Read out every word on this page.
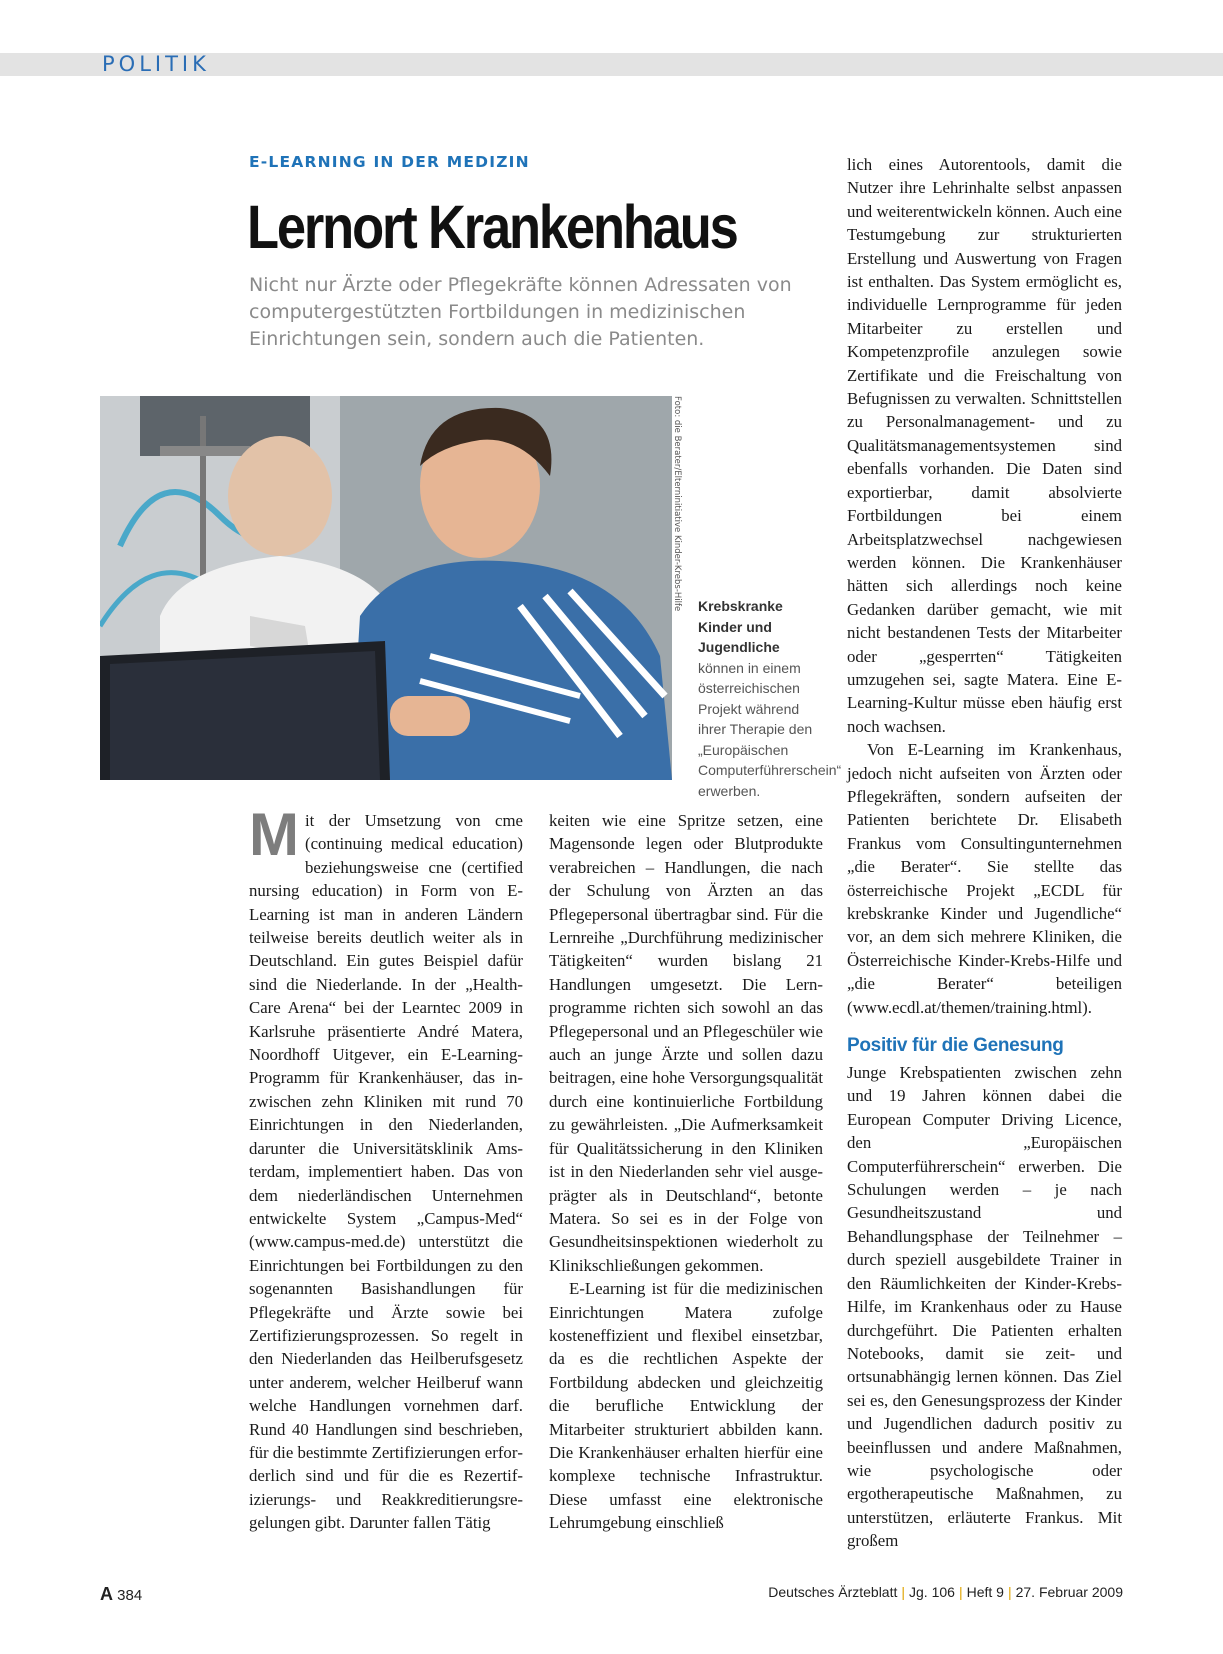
POLITIK
E-LEARNING IN DER MEDIZIN
Lernort Krankenhaus

Nicht nur Ärzte oder Pflegekräfte können Adressaten von computergestützten Fortbildungen in medizinischen Einrichtungen sein, sondern auch die Patienten.

Foto: die Berater/Elterninitiative Kinder-Krebs-Hilfe Krebskranke Kinder und Jugendliche können in einem österreichischen Projekt während ihrer Therapie den „Europäischen Computerführerschein“ erwerben.

Mit der Umsetzung von cme (continuing medical education) beziehungsweise cne (certified nursing education) in Form von E-Learning ist man in anderen Ländern teilweise bereits deutlich weiter als in Deutschland. Ein gutes Beispiel dafür sind die Niederlande. In der „Health-Care Arena“ bei der Learntec 2009 in Karlsruhe präsentierte André Matera, Noordhoff Uitgever, ein E-Learning-Programm für Krankenhäuser, das inzwischen zehn Kliniken mit rund 70 Einrichtungen in den Niederlanden, darunter die Universitätsklinik Amsterdam, implementiert haben. Das von dem niederländischen Unternehmen entwickelte System „Campus-Med“ (www.campus-med.de) unterstützt die Einrichtungen bei Fortbildungen zu den sogenannten Basishandlungen für Pflegekräfte und Ärzte sowie bei Zertifizierungsprozessen. So regelt in den Niederlanden das Heilberufsgesetz unter anderem, welcher Heilberuf wann welche Handlungen vornehmen darf. Rund 40 Handlungen sind beschrieben, für die bestimmte Zertifizierungen erforderlich sind und für die es Rezertifizierungs- und Reakkreditierungsregelungen gibt. Darunter fallen Tätig

keiten wie eine Spritze setzen, eine Magensonde legen oder Blutprodukte verabreichen – Handlungen, die nach der Schulung von Ärzten an das Pflegepersonal übertragbar sind. Für die Lernreihe „Durchführung medizinischer Tätigkeiten“ wurden bislang 21 Handlungen umgesetzt. Die Lernprogramme richten sich sowohl an das Pflegepersonal und an Pflegeschüler wie auch an junge Ärzte und sollen dazu beitragen, eine hohe Versorgungsqualität durch eine kontinuierliche Fortbildung zu gewährleisten. „Die Aufmerksamkeit für Qualitätssicherung in den Kliniken ist in den Niederlanden sehr viel ausgeprägter als in Deutschland“, betonte Matera. So sei es in der Folge von Gesundheitsinspektionen wiederholt zu Klinikschließungen gekommen.

E-Learning ist für die medizinischen Einrichtungen Matera zufolge kosteneffizient und flexibel einsetzbar, da es die rechtlichen Aspekte der Fortbildung abdecken und gleichzeitig die berufliche Entwicklung der Mitarbeiter strukturiert abbilden kann. Die Krankenhäuser erhalten hierfür eine komplexe technische Infrastruktur. Diese umfasst eine elektronische Lehrumgebung einschließ

lich eines Autorentools, damit die Nutzer ihre Lehrinhalte selbst anpassen und weiterentwickeln können. Auch eine Testumgebung zur strukturierten Erstellung und Auswertung von Fragen ist enthalten. Das System ermöglicht es, individuelle Lernprogramme für jeden Mitarbeiter zu erstellen und Kompetenzprofile anzulegen sowie Zertifikate und die Freischaltung von Befugnissen zu verwalten. Schnittstellen zu Personalmanagement- und zu Qualitätsmanagementsystemen sind ebenfalls vorhanden. Die Daten sind exportierbar, damit absolvierte Fortbildungen bei einem Arbeitsplatzwechsel nachgewiesen werden können. Die Krankenhäuser hätten sich allerdings noch keine Gedanken darüber gemacht, wie mit nicht bestandenen Tests der Mitarbeiter oder „gesperrten“ Tätigkeiten umzugehen sei, sagte Matera. Eine E-Learning-Kultur müsse eben häufig erst noch wachsen.

Von E-Learning im Krankenhaus, jedoch nicht aufseiten von Ärzten oder Pflegekräften, sondern aufseiten der Patienten berichtete Dr. Elisabeth Frankus vom Consultingunternehmen „die Berater“. Sie stellte das österreichische Projekt „ECDL für krebskranke Kinder und Jugendliche“ vor, an dem sich mehrere Kliniken, die Österreichische Kinder-Krebs-Hilfe und „die Berater“ beteiligen (www.ecdl.at/themen/training.html).

Positiv für die Genesung

Junge Krebspatienten zwischen zehn und 19 Jahren können dabei die European Computer Driving Licence, den „Europäischen Computerführerschein“ erwerben. Die Schulungen werden – je nach Gesundheitszustand und Behandlungsphase der Teilnehmer – durch speziell ausgebildete Trainer in den Räumlichkeiten der Kinder-Krebs-Hilfe, im Krankenhaus oder zu Hause durchgeführt. Die Patienten erhalten Notebooks, damit sie zeit- und ortsunabhängig lernen können. Das Ziel sei es, den Genesungsprozess der Kinder und Jugendlichen dadurch positiv zu beeinflussen und andere Maßnahmen, wie psychologische oder ergotherapeutische Maßnahmen, zu unterstützen, erläuterte Frankus. Mit großem

A 384	Deutsches Ärzteblatt | Jg. 106 | Heft 9 | 27. Februar 2009
